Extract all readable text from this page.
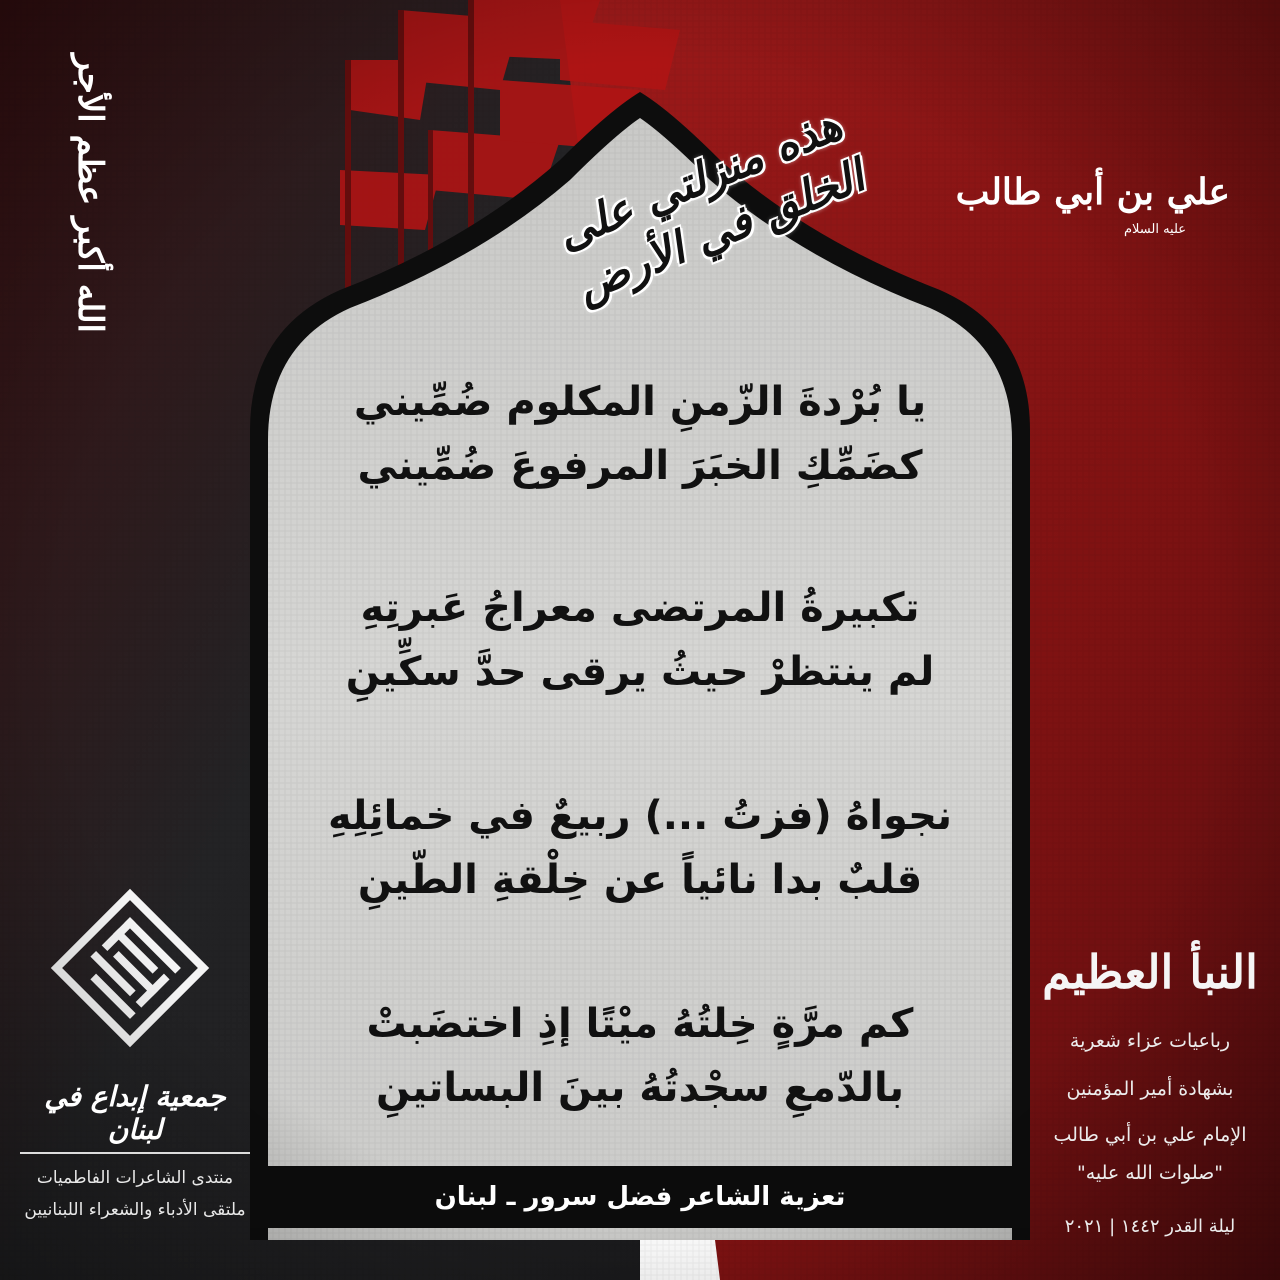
هذه منزلتي على الخلق في الأرض
الله أكبر عظم الأجر	علي بن أبي طالب
عليه السلام
يا بُرْدةَ الزّمنِ المكلوم ضُمِّيني
كضَمِّكِ الخبَرَ المرفوعَ ضُمِّيني
تكبيرةُ المرتضى معراجُ عَبرتِهِ
لم ينتظرْ حيثُ يرقى حدَّ سكِّينِ
نجواهُ (فزتُ ...) ربيعٌ في خمائِلِهِ
قلبٌ بدا نائياً عن خِلْقةِ الطّينِ
كم مرَّةٍ خِلتُهُ ميْتًا إذِ اختضَبتْ
بالدّمعِ سجْدتُهُ بينَ البساتينِ
تعزية الشاعر فضل سرور ـ لبنان
جمعية إبداع في لبنان
منتدى الشاعرات الفاطميات
ملتقى الأدباء والشعراء اللبنانيين
النبأ العظيم
رباعيات عزاء شعرية
بشهادة أمير المؤمنين
الإمام علي بن أبي طالب
"صلوات الله عليه"
ليلة القدر ١٤٤٢ | ٢٠٢١
